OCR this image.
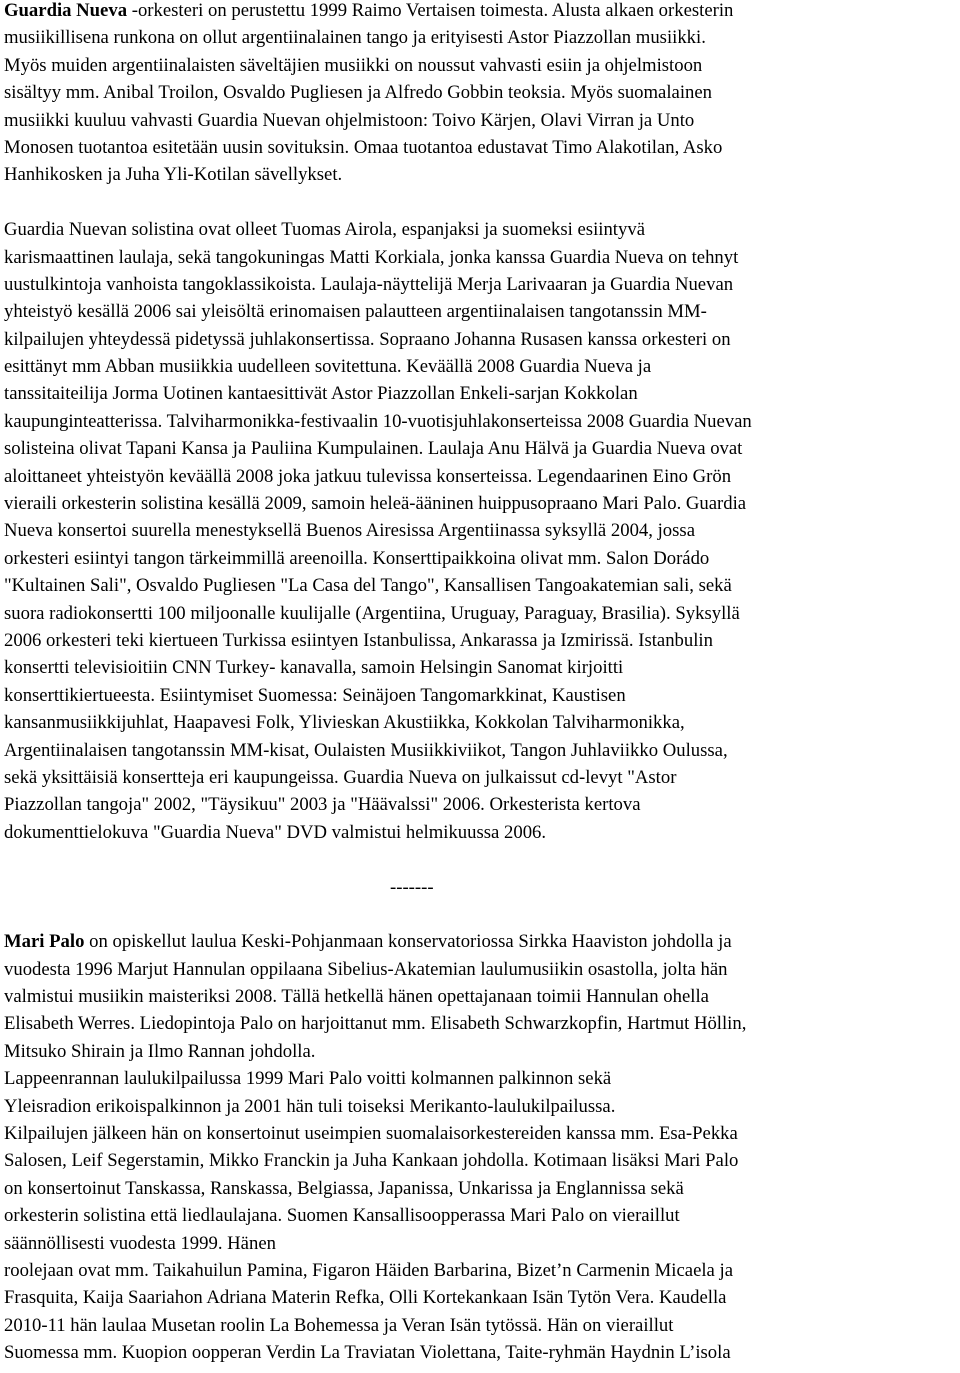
Guardia Nueva -orkesteri on perustettu 1999 Raimo Vertaisen toimesta. Alusta alkaen orkesterin
musiikillisena runkona on ollut argentiinalainen tango ja erityisesti Astor Piazzollan musiikki.
Myös muiden argentiinalaisten säveltäjien musiikki on noussut vahvasti esiin ja ohjelmistoon
sisältyy mm. Anibal Troilon, Osvaldo Pugliesen ja Alfredo Gobbin teoksia. Myös suomalainen
musiikki kuuluu vahvasti Guardia Nuevan ohjelmistoon: Toivo Kärjen, Olavi Virran ja Unto
Monosen tuotantoa esitetään uusin sovituksin. Omaa tuotantoa edustavat Timo Alakotilan, Asko
Hanhikosken ja Juha Yli-Kotilan sävellykset.
Guardia Nuevan solistina ovat olleet Tuomas Airola, espanjaksi ja suomeksi esiintyvä
karismaattinen laulaja, sekä tangokuningas Matti Korkiala, jonka kanssa Guardia Nueva on tehnyt
uustulkintoja vanhoista tangoklassikoista. Laulaja-näyttelijä Merja Larivaaran ja Guardia Nuevan
yhteistyö kesällä 2006 sai yleisöltä erinomaisen palautteen argentiinalaisen tangotanssin MM-
kilpailujen yhteydessä pidetyssä juhlakonsertissa. Sopraano Johanna Rusasen kanssa orkesteri on
esittänyt mm Abban musiikkia uudelleen sovitettuna. Keväällä 2008 Guardia Nueva ja
tanssitaiteilija Jorma Uotinen kantaesittivät Astor Piazzollan Enkeli-sarjan Kokkolan
kaupunginteatterissa. Talviharmonikka-festivaalin 10-vuotisjuhlakonserteissa 2008 Guardia Nuevan
solisteina olivat Tapani Kansa ja Pauliina Kumpulainen. Laulaja Anu Hälvä ja Guardia Nueva ovat
aloittaneet yhteistyön keväällä 2008 joka jatkuu tulevissa konserteissa. Legendaarinen Eino Grön
vieraili orkesterin solistina kesällä 2009, samoin heleä-ääninen huippusopraano Mari Palo. Guardia
Nueva konsertoi suurella menestyksellä Buenos Airesissa Argentiinassa syksyllä 2004, jossa
orkesteri esiintyi tangon tärkeimmillä areenoilla. Konserttipaikkoina olivat mm. Salon Dorádo
"Kultainen Sali", Osvaldo Pugliesen "La Casa del Tango", Kansallisen Tangoakatemian sali, sekä
suora radiokonsertti 100 miljoonalle kuulijalle (Argentiina, Uruguay, Paraguay, Brasilia). Syksyllä
2006 orkesteri teki kiertueen Turkissa esiintyen Istanbulissa, Ankarassa ja Izmirissä. Istanbulin
konsertti televisioitiin CNN Turkey- kanavalla, samoin Helsingin Sanomat kirjoitti
konserttikiertueesta. Esiintymiset Suomessa: Seinäjoen Tangomarkkinat, Kaustisen
kansanmusiikkijuhlat, Haapavesi Folk, Ylivieskan Akustiikka, Kokkolan Talviharmonikka,
Argentiinalaisen tangotanssin MM-kisat, Oulaisten Musiikkiviikot, Tangon Juhlaviikko Oulussa,
sekä yksittäisiä konsertteja eri kaupungeissa. Guardia Nueva on julkaissut cd-levyt "Astor
Piazzollan tangoja" 2002, "Täysikuu" 2003 ja "Häävalssi" 2006. Orkesterista kertova
dokumenttielokuva "Guardia Nueva" DVD valmistui helmikuussa 2006.
-------
Mari Palo on opiskellut laulua Keski-Pohjanmaan konservatoriossa Sirkka Haaviston johdolla ja
vuodesta 1996 Marjut Hannulan oppilaana Sibelius-Akatemian laulumusiikin osastolla, jolta hän
valmistui musiikin maisteriksi 2008. Tällä hetkellä hänen opettajanaan toimii Hannulan ohella
Elisabeth Werres. Liedopintoja Palo on harjoittanut mm. Elisabeth Schwarzkopfin, Hartmut Höllin,
Mitsuko Shirain ja Ilmo Rannan johdolla.
Lappeenrannan laulukilpailussa 1999 Mari Palo voitti kolmannen palkinnon sekä
Yleisradion erikoispalkinnon ja 2001 hän tuli toiseksi Merikanto-laulukilpailussa.
Kilpailujen jälkeen hän on konsertoinut useimpien suomalaisorkestereiden kanssa mm. Esa-Pekka
Salosen, Leif Segerstamin, Mikko Franckin ja Juha Kankaan johdolla. Kotimaan lisäksi Mari Palo
on konsertoinut Tanskassa, Ranskassa, Belgiassa, Japanissa, Unkarissa ja Englannissa sekä
orkesterin solistina että liedlaulajana. Suomen Kansallisoopperassa Mari Palo on vieraillut
säännöllisesti vuodesta 1999. Hänen
roolejaan ovat mm. Taikahuilun Pamina, Figaron Häiden Barbarina, Bizet’n Carmenin Micaela ja
Frasquita, Kaija Saariahon Adriana Materin Refka, Olli Kortekankaan Isän Tytön Vera. Kaudella
2010-11 hän laulaa Musetan roolin La Bohemessa ja Veran Isän tytössä. Hän on vieraillut
Suomessa mm. Kuopion oopperan Verdin La Traviatan Violettana, Taite-ryhmän Haydnin L’isola
